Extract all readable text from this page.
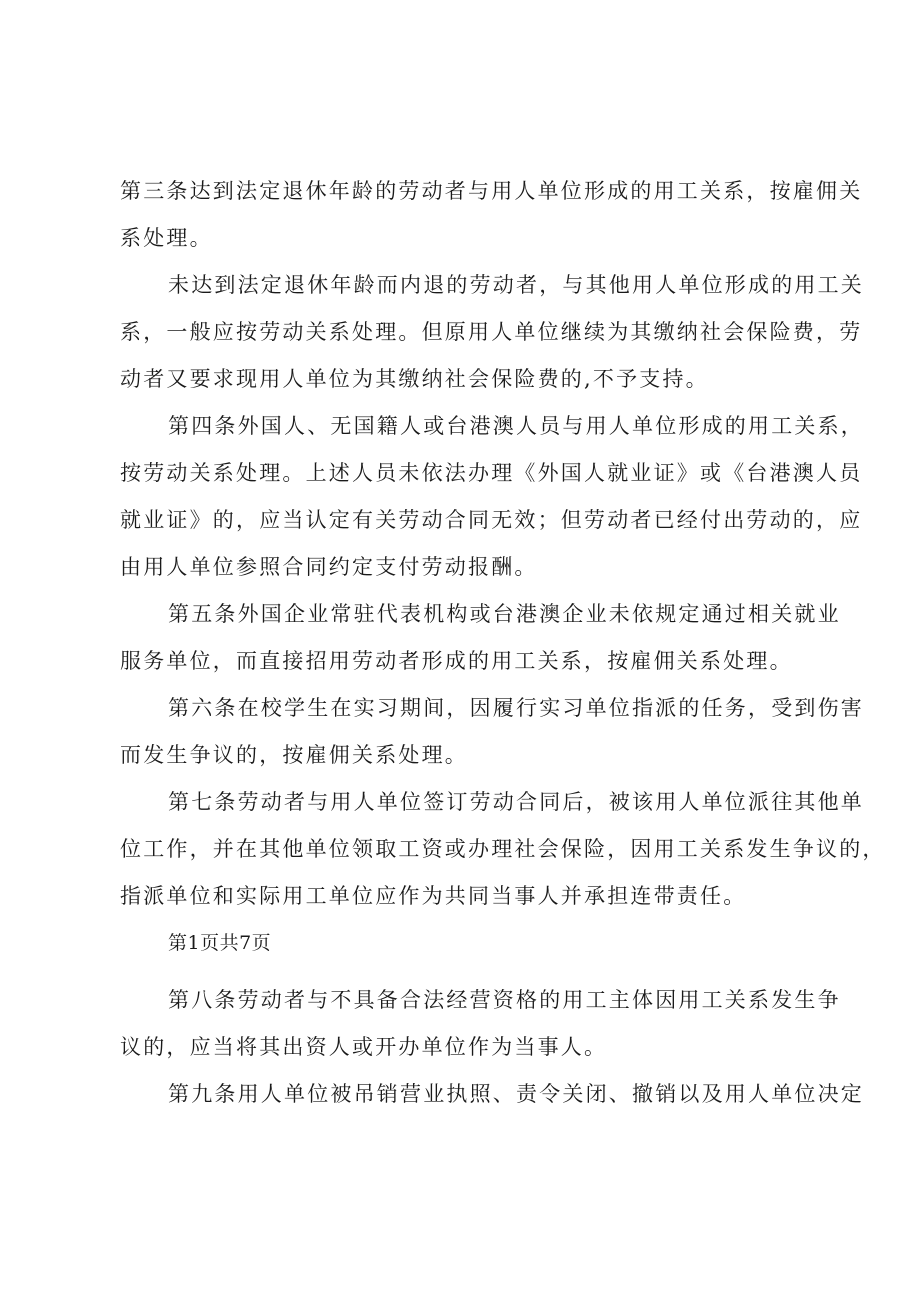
第三条达到法定退休年龄的劳动者与用人单位形成的用工关系，按雇佣关
系处理。
未达到法定退休年龄而内退的劳动者，与其他用人单位形成的用工关
系，一般应按劳动关系处理。但原用人单位继续为其缴纳社会保险费，劳
动者又要求现用人单位为其缴纳社会保险费的,不予支持。
第四条外国人、无国籍人或台港澳人员与用人单位形成的用工关系，
按劳动关系处理。上述人员未依法办理《外国人就业证》或《台港澳人员
就业证》的，应当认定有关劳动合同无效；但劳动者已经付出劳动的，应
由用人单位参照合同约定支付劳动报酬。
第五条外国企业常驻代表机构或台港澳企业未依规定通过相关就业
服务单位，而直接招用劳动者形成的用工关系，按雇佣关系处理。
第六条在校学生在实习期间，因履行实习单位指派的任务，受到伤害
而发生争议的，按雇佣关系处理。
第七条劳动者与用人单位签订劳动合同后，被该用人单位派往其他单
位工作，并在其他单位领取工资或办理社会保险，因用工关系发生争议的，
指派单位和实际用工单位应作为共同当事人并承担连带责任。
第1页共7页
第八条劳动者与不具备合法经营资格的用工主体因用工关系发生争
议的，应当将其出资人或开办单位作为当事人。
第九条用人单位被吊销营业执照、责令关闭、撤销以及用人单位决定
